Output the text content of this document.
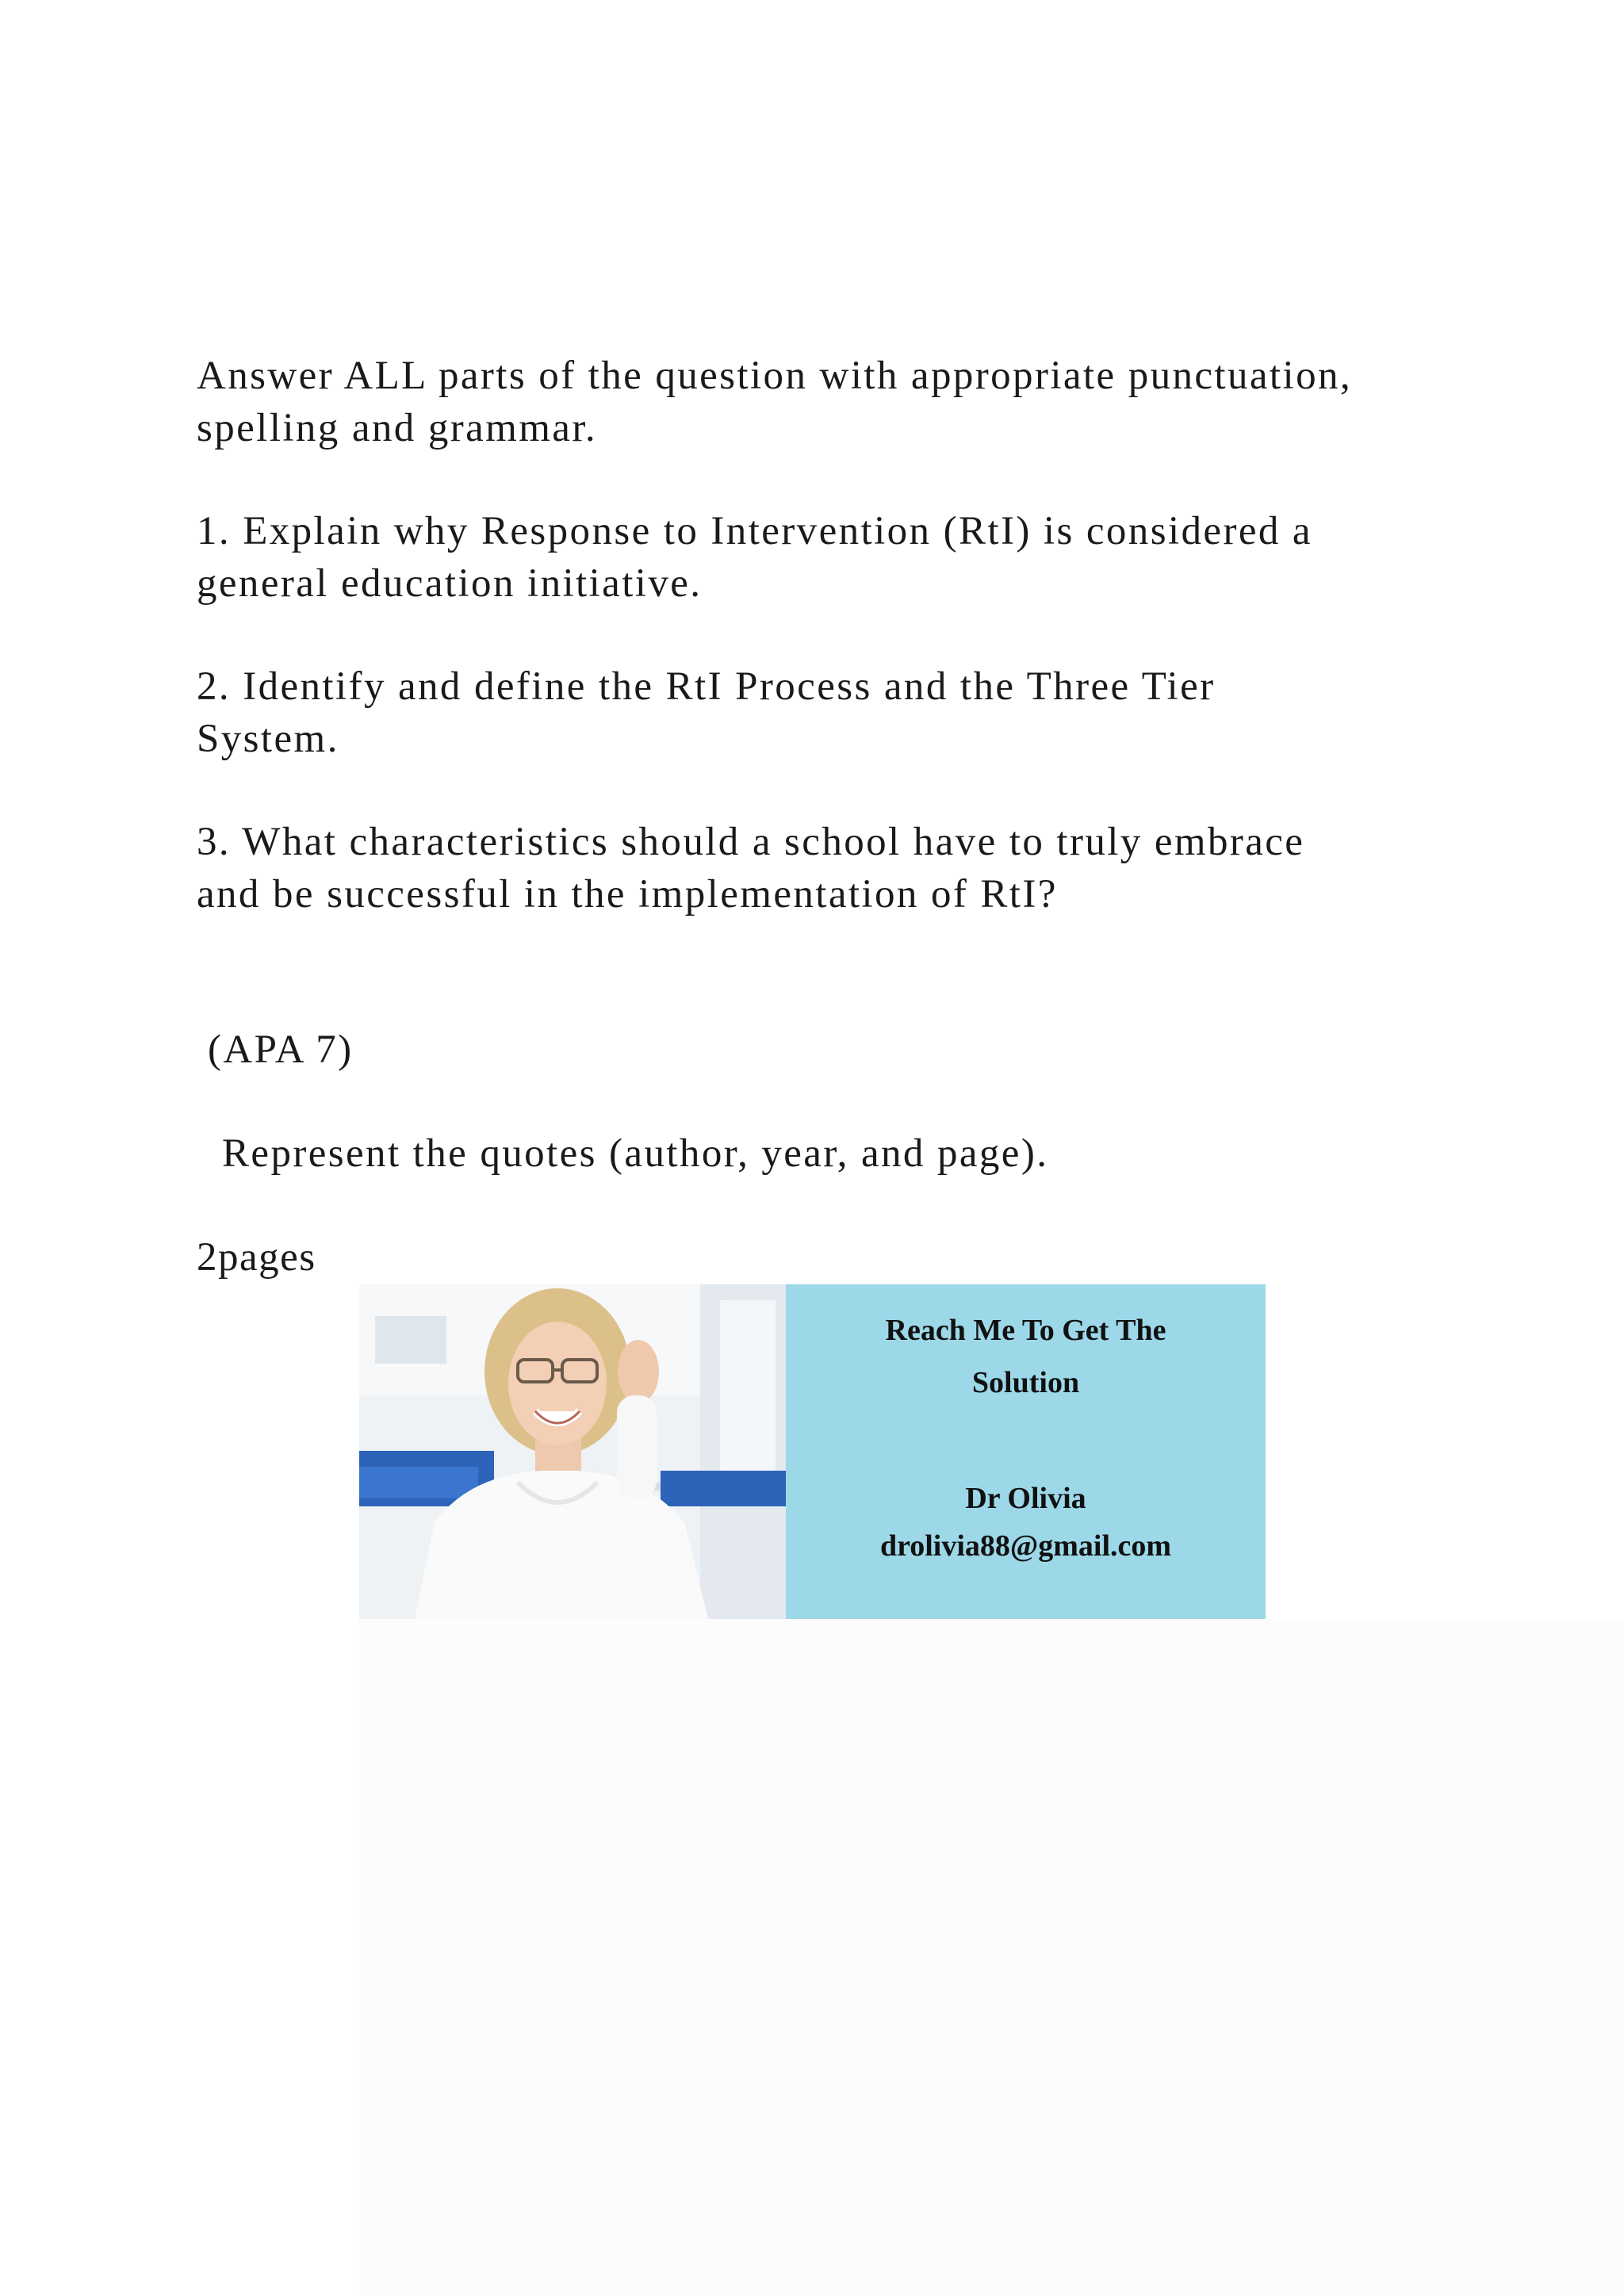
Answer ALL parts of the question with appropriate punctuation,
spelling and grammar.

1. Explain why Response to Intervention (RtI) is considered a
general education initiative.

2. Identify and define the RtI Process and the Three Tier
System.

3. What characteristics should a school have to truly embrace
and be successful in the implementation of RtI?

(APA 7)

Represent the quotes (author, year, and page).

2pages

Reach Me To Get The

Solution

Dr Olivia

drolivia88@gmail.com
